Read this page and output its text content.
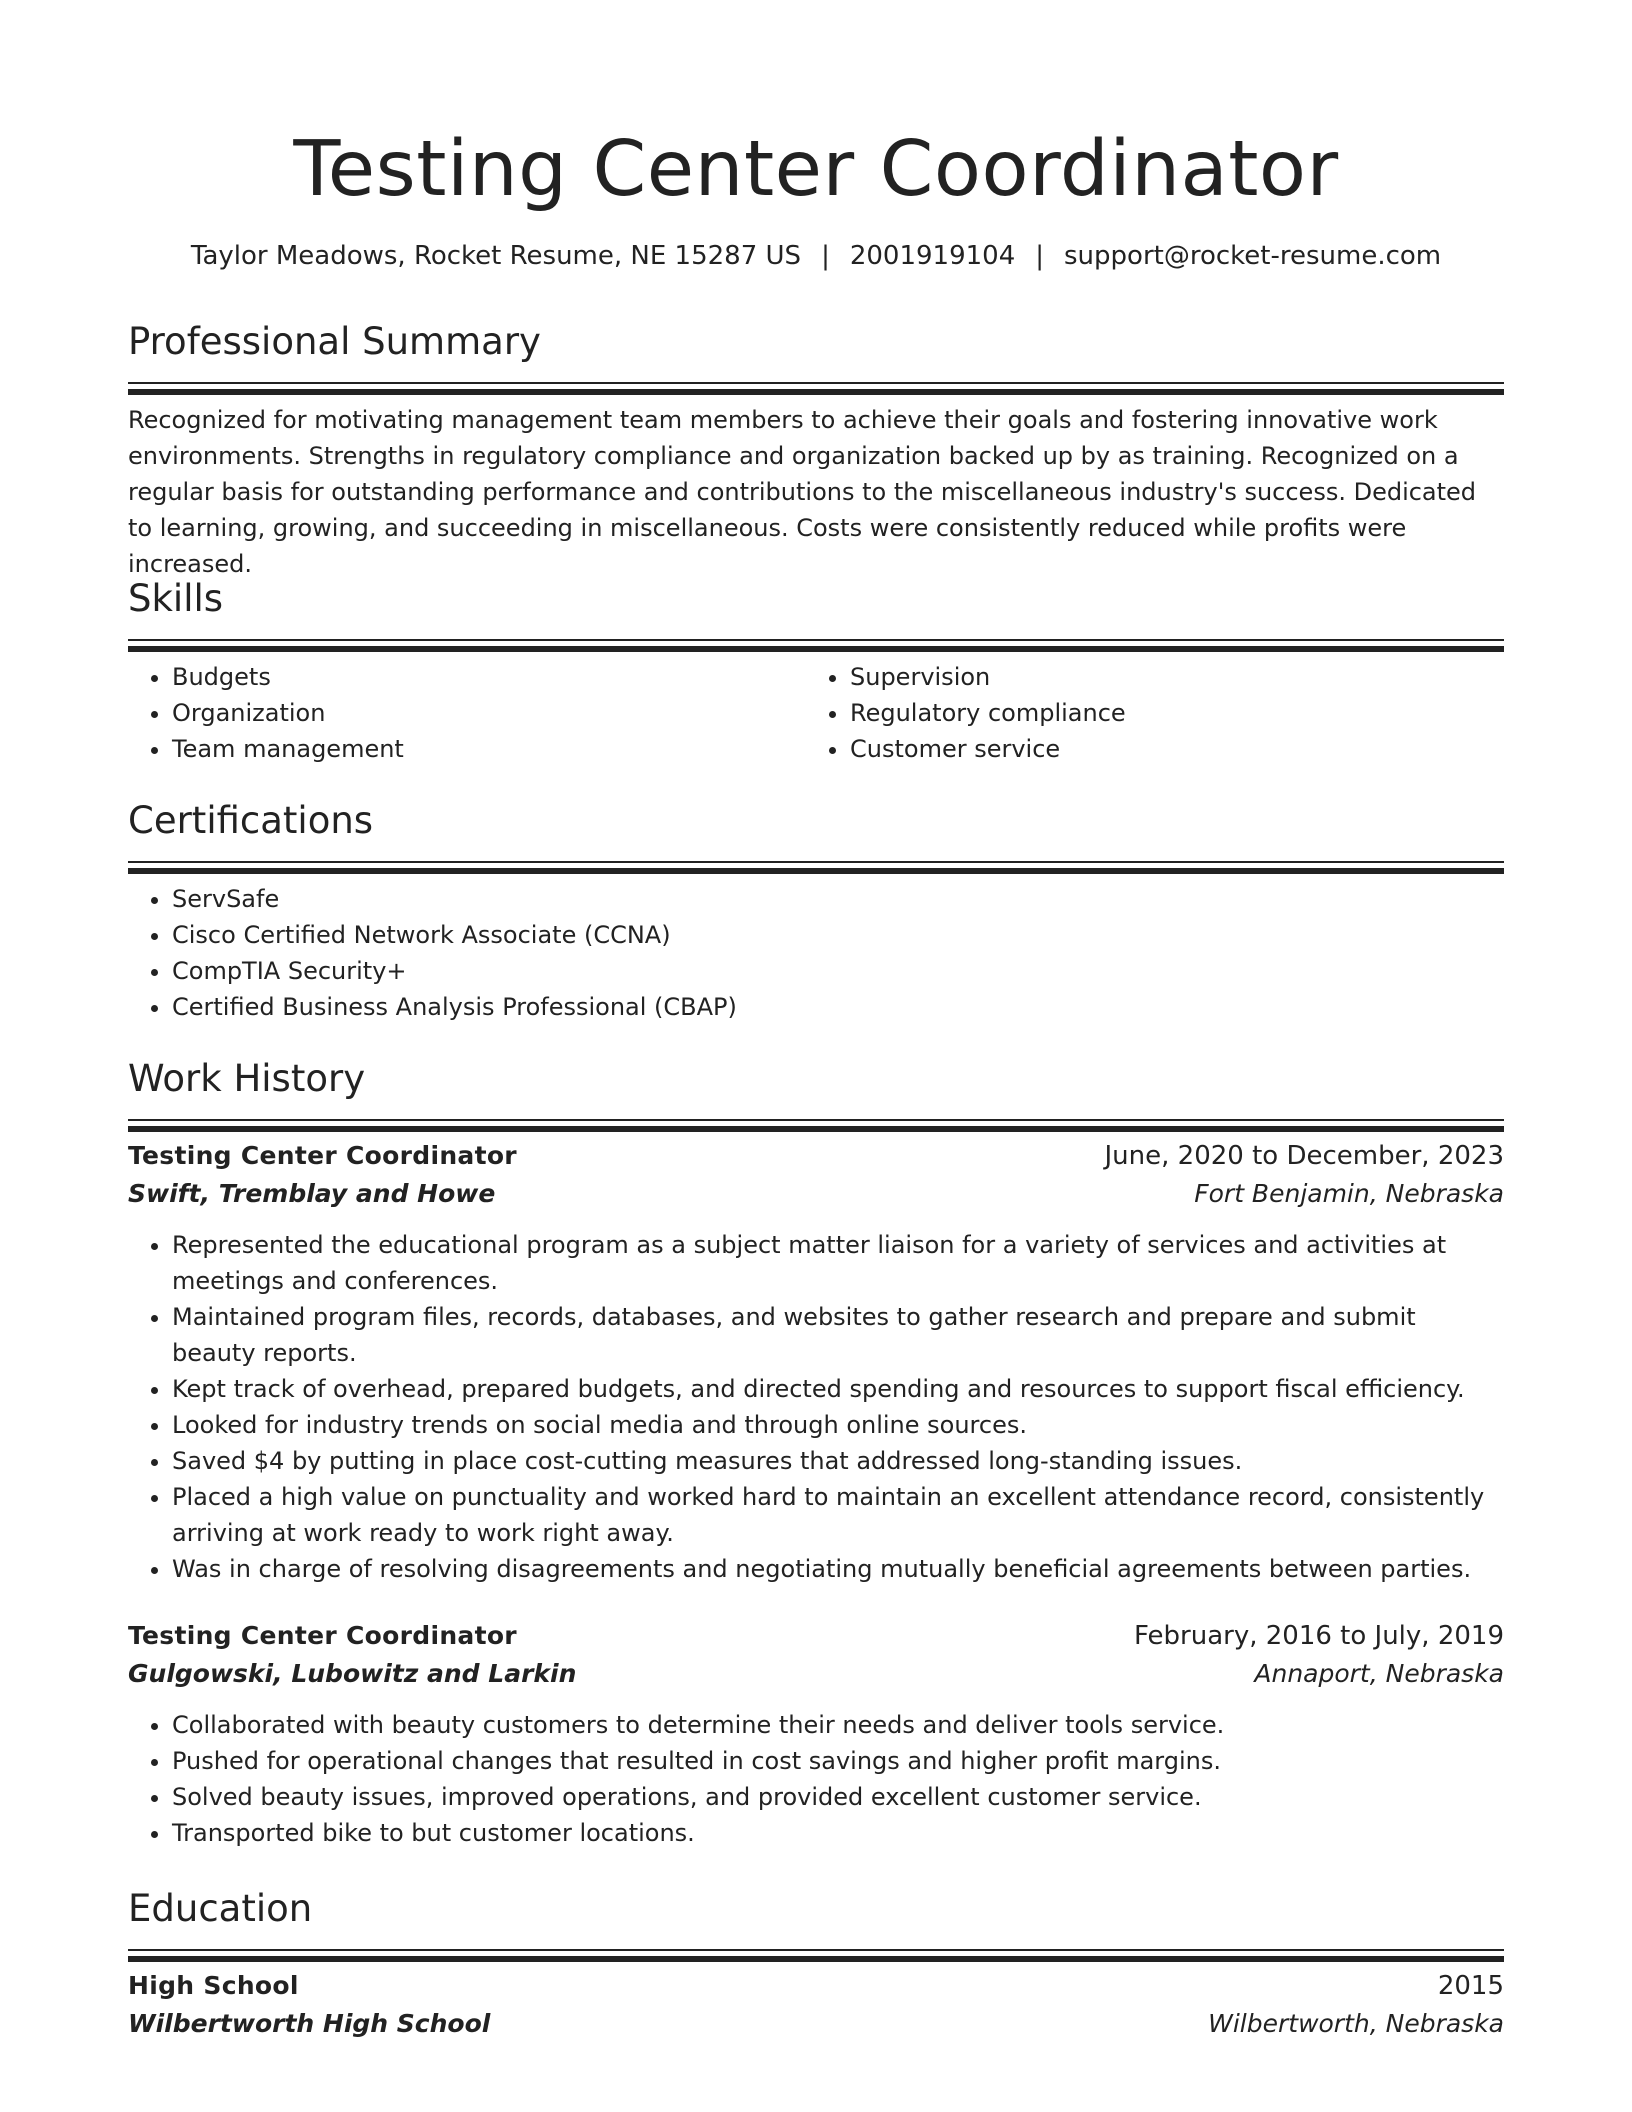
Testing Center Coordinator
Taylor Meadows, Rocket Resume, NE 15287 US | 2001919104 | support@rocket-resume.com
Professional Summary

Recognized for motivating management team members to achieve their goals and fostering innovative work environments. Strengths in regulatory compliance and organization backed up by as training. Recognized on a regular basis for outstanding performance and contributions to the miscellaneous industry's success. Dedicated to learning, growing, and succeeding in miscellaneous. Costs were consistently reduced while profits were increased.

Skills
• Budgets
• Organization
• Team management
• Supervision
• Regulatory compliance
• Customer service
Certifications
• ServSafe
• Cisco Certified Network Associate (CCNA)
• CompTIA Security+
• Certified Business Analysis Professional (CBAP)
Work History
Testing Center Coordinator	June, 2020 to December, 2023
Swift, Tremblay and Howe	Fort Benjamin, Nebraska
• Represented the educational program as a subject matter liaison for a variety of services and activities at meetings and conferences.
• Maintained program files, records, databases, and websites to gather research and prepare and submit beauty reports.
• Kept track of overhead, prepared budgets, and directed spending and resources to support fiscal efficiency.
• Looked for industry trends on social media and through online sources.
• Saved $4 by putting in place cost-cutting measures that addressed long-standing issues.
• Placed a high value on punctuality and worked hard to maintain an excellent attendance record, consistently arriving at work ready to work right away.
• Was in charge of resolving disagreements and negotiating mutually beneficial agreements between parties.
Testing Center Coordinator	February, 2016 to July, 2019
Gulgowski, Lubowitz and Larkin	Annaport, Nebraska
• Collaborated with beauty customers to determine their needs and deliver tools service.
• Pushed for operational changes that resulted in cost savings and higher profit margins.
• Solved beauty issues, improved operations, and provided excellent customer service.
• Transported bike to but customer locations.
Education
High School	2015
Wilbertworth High School	Wilbertworth, Nebraska
